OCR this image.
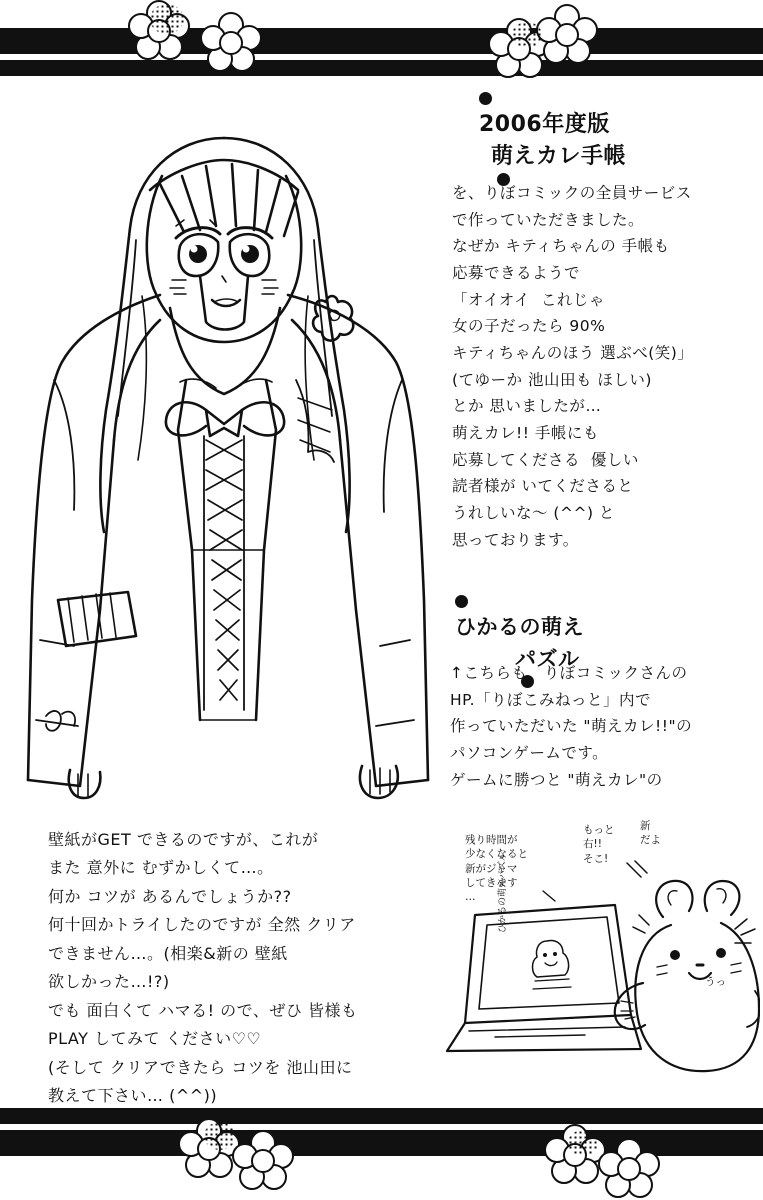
2006年度版
萌えカレ手帳
を、りぼコミックの全員サービス
で作っていただきました。
なぜか キティちゃんの 手帳も
応募できるようで
「オイオイ  これじゃ
女の子だったら 90%
キティちゃんのほう 選ぶべ(笑)」
(てゆーか 池山田も ほしい)
とか 思いましたが…
萌えカレ!! 手帳にも
応募してくださる  優しい
読者様が いてくださると
うれしいな〜 (^^) と
思っております。
ひかるの萌え
パズル
↑こちらも   りぼコミックさんの
HP.「りぼこみねっと」内で
作っていただいた "萌えカレ!!"の
パソコンゲームです。
ゲームに勝つと "萌えカレ"の
壁紙がGET できるのですが、これが
また 意外に むずかしくて…。
何か コツが あるんでしょうか??
何十回かトライしたのですが 全然 クリア
できません…。(相楽&新の 壁紙
欲しかった…!?)
でも 面白くて ハマる! ので、ぜひ 皆様も
PLAY してみて ください♡♡
(そして クリアできたら コツを 池山田に
教えて下さい… (^^))

残り時間が
少なくなると
新がジャマ
してきます
…

もっと
右!!
そこ!

新
だよ

ひかるの萌えパズル
うっ
